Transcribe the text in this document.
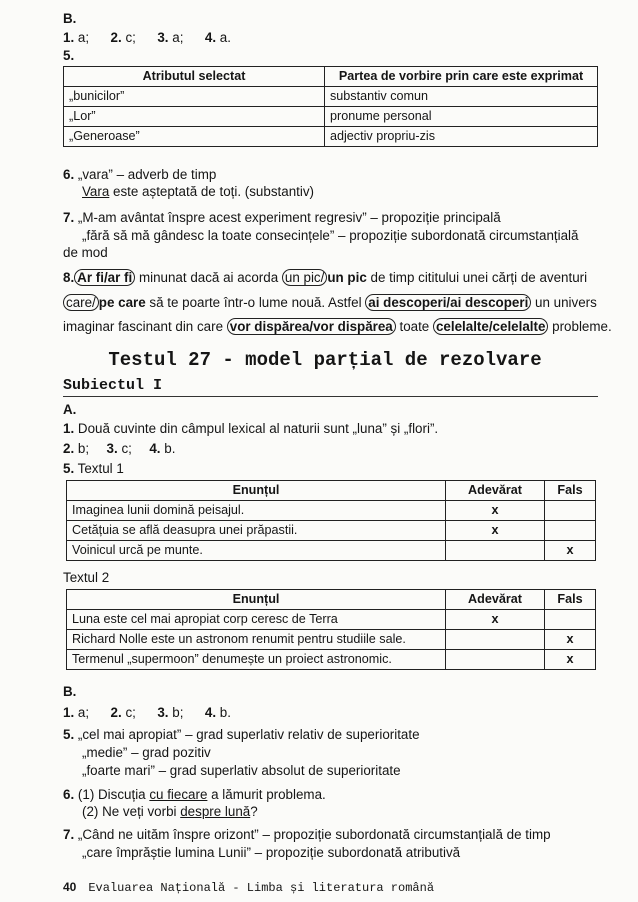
B.
1. a; 2. c; 3. a; 4. a.
5.
Atributul selectat	Partea de vorbire prin care este exprimat
„bunicilor”	substantiv comun
„Lor”	pronume personal
„Generoase”	adjectiv propriu-zis
6. „vara” – adverb de timp
Vara este așteptată de toți. (substantiv)
7. „M-am avântat înspre acest experiment regresiv” – propoziție principală
„fără să mă gândesc la toate consecințele” – propoziție subordonată circumstanțială
de mod
8. Ar fi/ar fi minunat dacă ai acorda un pic/ un pic de timp cititului unei cărți de aventuri
care/ pe care să te poarte într-o lume nouă. Astfel ai descoperi/ai descoperi un univers
imaginar fascinant din care vor dispărea/vor dispărea toate celelalte/celelalte probleme.
Testul 27 - model parțial de rezolvare
Subiectul I
A.
1. Două cuvinte din câmpul lexical al naturii sunt „luna” și „flori”.
2. b; 3. c; 4. b.
5. Textul 1
Enunțul	Adevărat	Fals
Imaginea lunii domină peisajul.	x	
Cetățuia se află deasupra unei prăpastii.	x	
Voinicul urcă pe munte.		x
Textul 2
Enunțul	Adevărat	Fals
Luna este cel mai apropiat corp ceresc de Terra	x	
Richard Nolle este un astronom renumit pentru studiile sale.		x
Termenul „supermoon” denumește un proiect astronomic.		x
B.
1. a; 2. c; 3. b; 4. b.
5. „cel mai apropiat” – grad superlativ relativ de superioritate
„medie” – grad pozitiv
„foarte mari” – grad superlativ absolut de superioritate
6. (1) Discuția cu fiecare a lămurit problema.
(2) Ne veți vorbi despre lună?
7. „Când ne uităm înspre orizont” – propoziție subordonată circumstanțială de timp
„care împrăștie lumina Lunii” – propoziție subordonată atributivă
40 Evaluarea Națională - Limba și literatura română
